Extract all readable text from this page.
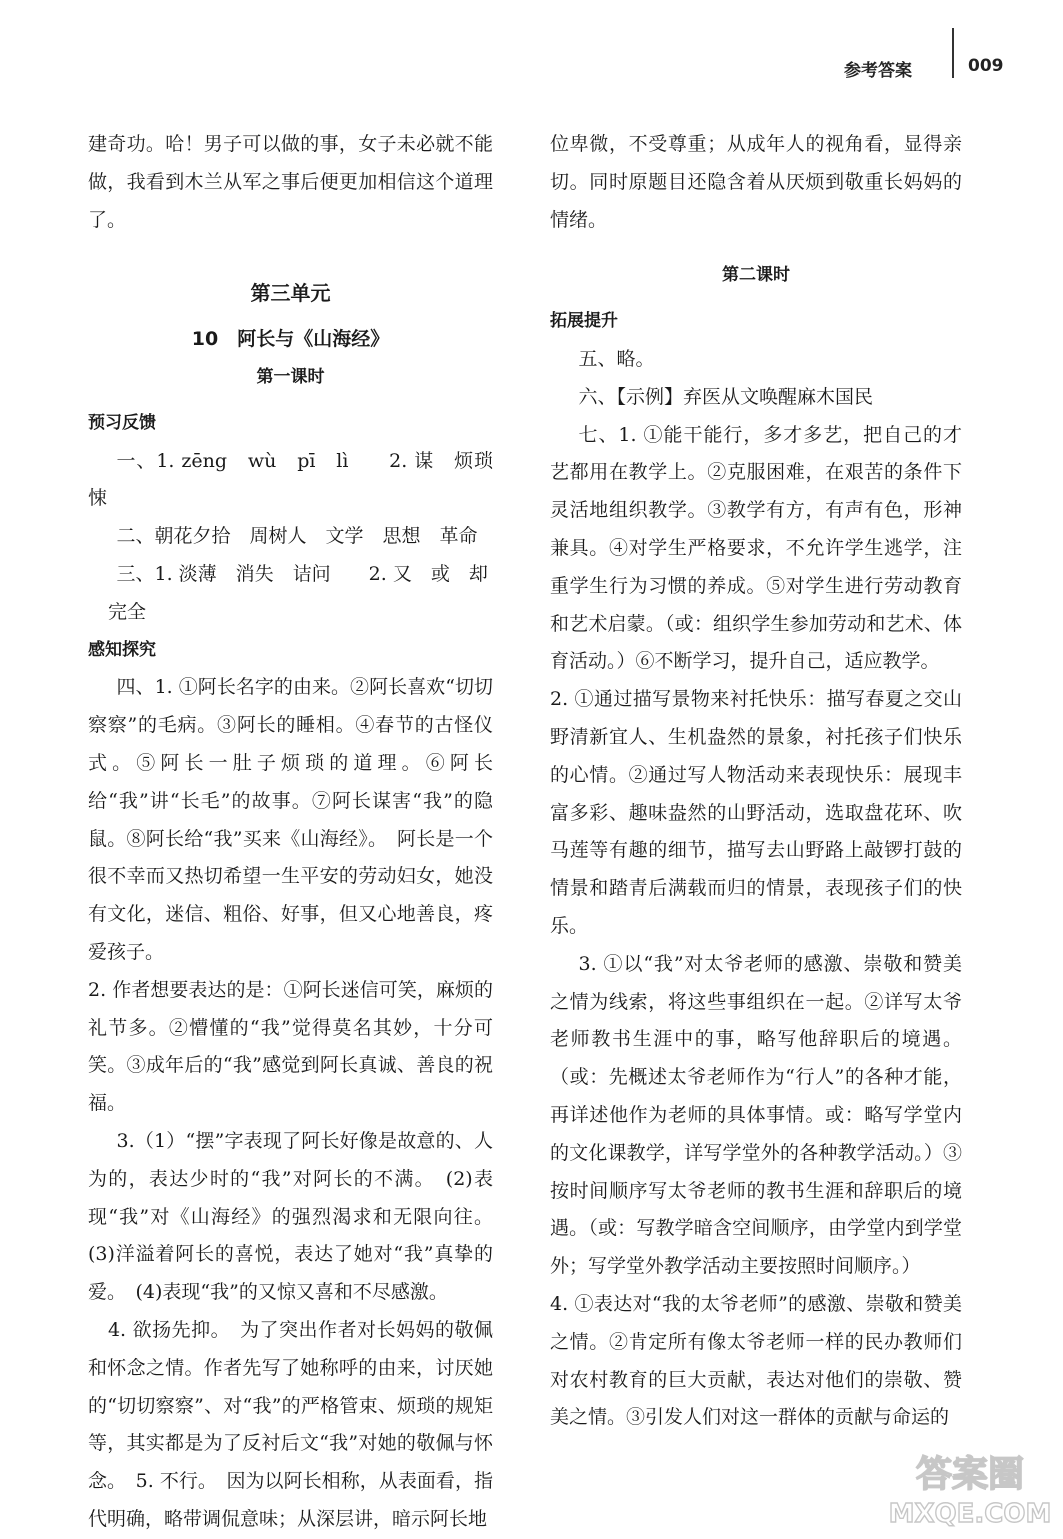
参考答案	009

建奇功。哈！男子可以做的事，女子未必就不能做，我看到木兰从军之事后便更加相信这个道理了。

第三单元

10　阿长与《山海经》

第一课时

预习反馈

一、1. zēng　wù　pī　lì　　2. 谋　烦琐　悚

二、朝花夕拾　周树人　文学　思想　革命

三、1. 淡薄　消失　诘问　　2. 又　或　却

完全

感知探究

四、1. ①阿长名字的由来。②阿长喜欢“切切察察”的毛病。③阿长的睡相。④春节的古怪仪式。⑤阿长一肚子烦琐的道理。⑥阿长给“我”讲“长毛”的故事。⑦阿长谋害“我”的隐鼠。⑧阿长给“我”买来《山海经》。　阿长是一个很不幸而又热切希望一生平安的劳动妇女，她没有文化，迷信、粗俗、好事，但又心地善良，疼爱孩子。

2. 作者想要表达的是：①阿长迷信可笑，麻烦的礼节多。②懵懂的“我”觉得莫名其妙，十分可笑。③成年后的“我”感觉到阿长真诚、善良的祝福。

3.（1）“摆”字表现了阿长好像是故意的、人为的，表达少时的“我”对阿长的不满。　(2)表现“我”对《山海经》的强烈渴求和无限向往。(3)洋溢着阿长的喜悦，表达了她对“我”真挚的爱。　(4)表现“我”的又惊又喜和不尽感激。

4. 欲扬先抑。　为了突出作者对长妈妈的敬佩和怀念之情。作者先写了她称呼的由来，讨厌她的“切切察察”、对“我”的严格管束、烦琐的规矩等，其实都是为了反衬后文“我”对她的敬佩与怀念。　5. 不行。　因为以阿长相称，从表面看，指代明确，略带调侃意味；从深层讲，暗示阿长地

位卑微，不受尊重；从成年人的视角看，显得亲切。同时原题目还隐含着从厌烦到敬重长妈妈的情绪。

第二课时

拓展提升

五、略。

六、【示例】弃医从文唤醒麻木国民

七、1. ①能干能行，多才多艺，把自己的才艺都用在教学上。②克服困难，在艰苦的条件下灵活地组织教学。③教学有方，有声有色，形神兼具。④对学生严格要求，不允许学生逃学，注重学生行为习惯的养成。⑤对学生进行劳动教育和艺术启蒙。（或：组织学生参加劳动和艺术、体育活动。）⑥不断学习，提升自己，适应教学。

2. ①通过描写景物来衬托快乐：描写春夏之交山野清新宜人、生机盎然的景象，衬托孩子们快乐的心情。②通过写人物活动来表现快乐：展现丰富多彩、趣味盎然的山野活动，选取盘花环、吹马莲等有趣的细节，描写去山野路上敲锣打鼓的情景和踏青后满载而归的情景，表现孩子们的快乐。

3. ①以“我”对太爷老师的感激、崇敬和赞美之情为线索，将这些事组织在一起。②详写太爷老师教书生涯中的事，略写他辞职后的境遇。（或：先概述太爷老师作为“行人”的各种才能，再详述他作为老师的具体事情。或：略写学堂内的文化课教学，详写学堂外的各种教学活动。）③按时间顺序写太爷老师的教书生涯和辞职后的境遇。（或：写教学暗含空间顺序，由学堂内到学堂外；写学堂外教学活动主要按照时间顺序。）

4. ①表达对“我的太爷老师”的感激、崇敬和赞美之情。②肯定所有像太爷老师一样的民办教师们对农村教育的巨大贡献，表达对他们的崇敬、赞美之情。③引发人们对这一群体的贡献与命运的

答案圈
MXQE.COM
